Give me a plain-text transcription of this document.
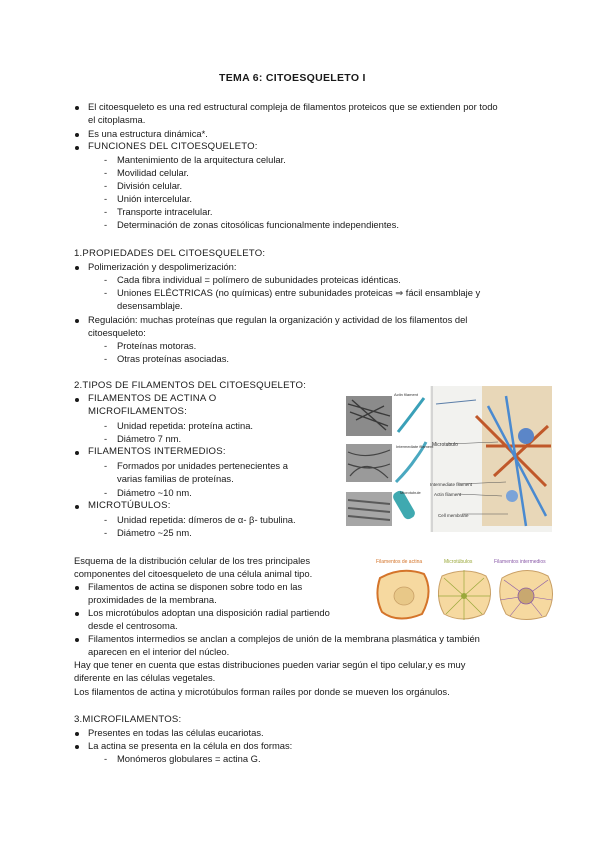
TEMA 6: CITOESQUELETO I
El citoesqueleto es una red estructural compleja de filamentos proteicos que se extienden por todo
el citoplasma.
Es una estructura dinámica*.
FUNCIONES DEL CITOESQUELETO:
- Mantenimiento de la arquitectura celular.
- Movilidad celular.
- División celular.
- Unión intercelular.
- Transporte intracelular.
- Determinación de zonas citosólicas funcionalmente independientes.
1.PROPIEDADES DEL CITOESQUELETO:
Polimerización y despolimerización:
- Cada fibra individual = polímero de subunidades proteicas idénticas.
- Uniones ELÉCTRICAS (no químicas) entre subunidades proteicas ⇒ fácil ensamblaje y
desensamblaje.
Regulación: muchas proteínas que regulan la organización y actividad de los filamentos del
citoesqueleto:
- Proteínas motoras.
- Otras proteínas asociadas.
2.TIPOS DE FILAMENTOS DEL CITOESQUELETO:
FILAMENTOS DE ACTINA O
MICROFILAMENTOS:
- Unidad repetida: proteína actina.
- Diámetro 7 nm.
FILAMENTOS INTERMEDIOS:
- Formados por unidades pertenecientes a
varias familias de proteínas.
- Diámetro ~10 nm.
MICROTÚBULOS:
- Unidad repetida: dímeros de α- β- tubulina.
- Diámetro ~25 nm.
Actin filament
Intermediate filament
Microtubule
Microtubulo
Intermediate filament
Actin filament
Cell membrane
Esquema de la distribución celular de los tres principales
componentes del citoesqueleto de una célula animal tipo.
Filamentos de actina se disponen sobre todo en las
proximidades de la membrana.
Los microtúbulos adoptan una disposición radial partiendo
desde el centrosoma.
Filamentos intermedios se anclan a complejos de unión de la membrana plasmática y también
aparecen en el interior del núcleo.
Hay que tener en cuenta que estas distribuciones pueden variar según el tipo celular,y es muy
diferente en las células vegetales.
Los filamentos de actina y microtúbulos forman raíles por donde se mueven los orgánulos.
Filamentos de actina	Microtúbulos	Filamentos intermedios
3.MICROFILAMENTOS:
Presentes en todas las células eucariotas.
La actina se presenta en la célula en dos formas:
- Monómeros globulares = actina G.
